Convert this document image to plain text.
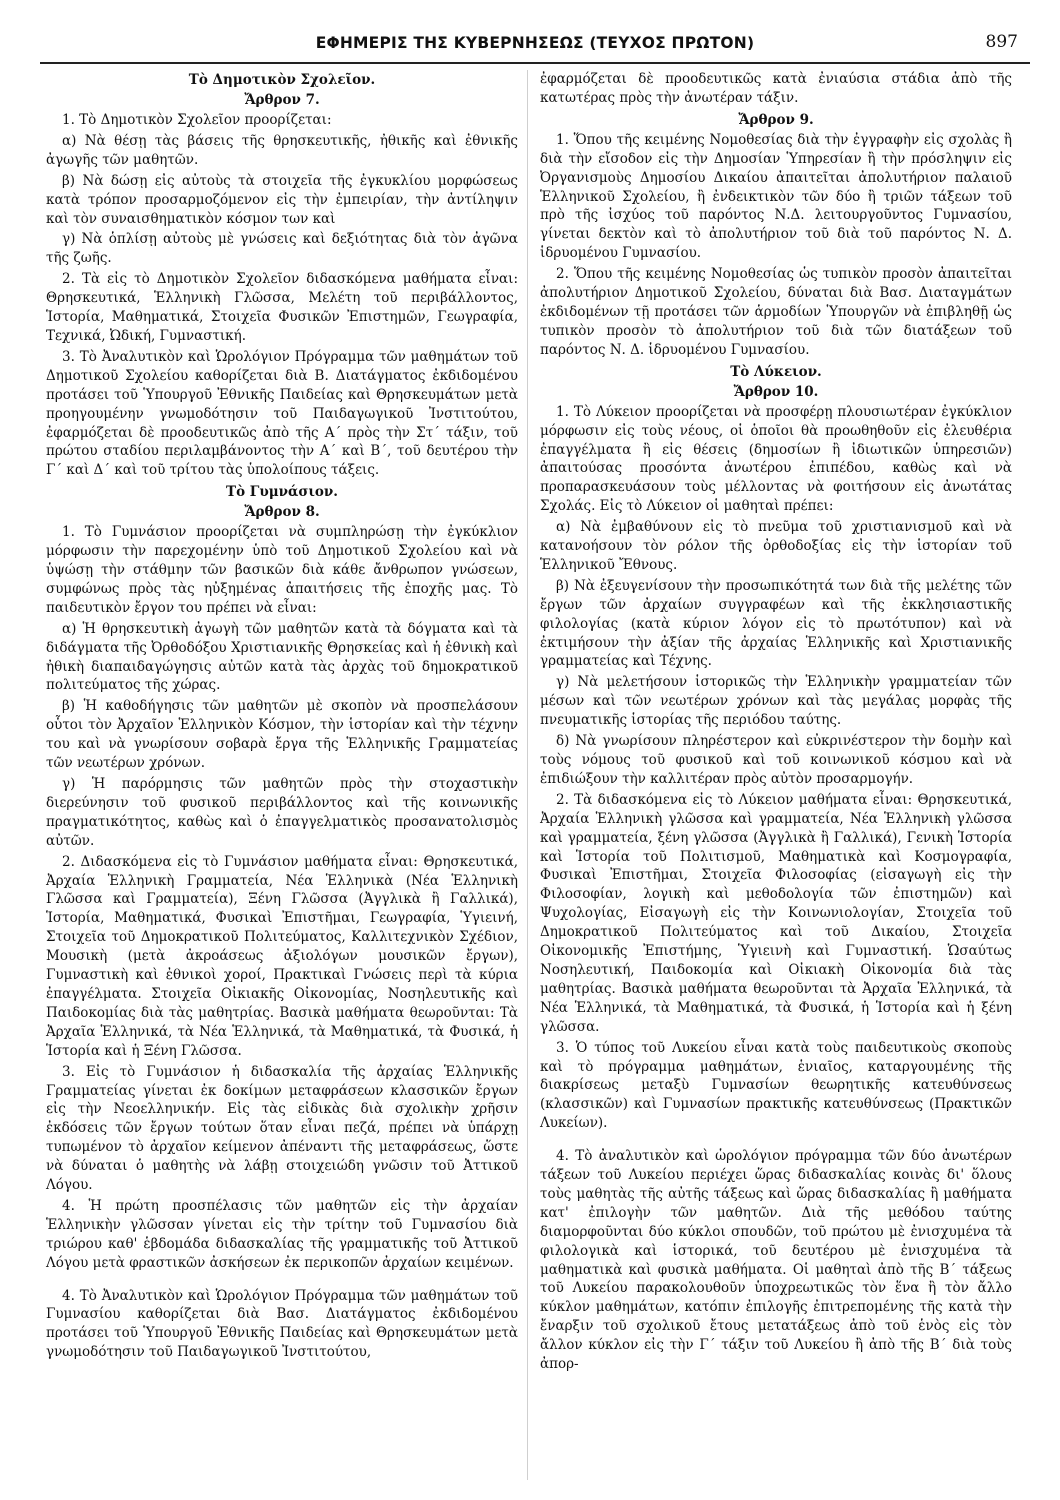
ΕΦΗΜΕΡΙΣ ΤΗΣ ΚΥΒΕΡΝΗΣΕΩΣ (ΤΕΥΧΟΣ ΠΡΩΤΟΝ)	897
Τὸ Δημοτικὸν Σχολεῖον.
Ἄρθρον 7.

1. Τὸ Δημοτικὸν Σχολεῖον προορίζεται:

α) Νὰ θέσῃ τὰς βάσεις τῆς θρησκευτικῆς, ἠθικῆς καὶ ἐθνικῆς ἀγωγῆς τῶν μαθητῶν.

β) Νὰ δώσῃ εἰς αὐτοὺς τὰ στοιχεῖα τῆς ἐγκυκλίου μορφώσεως κατὰ τρόπον προσαρμοζόμενον εἰς τὴν ἐμπειρίαν, τὴν ἀντίληψιν καὶ τὸν συναισθηματικὸν κόσμον των καὶ

γ) Νὰ ὁπλίσῃ αὐτοὺς μὲ γνώσεις καὶ δεξιότητας διὰ τὸν ἀγῶνα τῆς ζωῆς.

2. Τὰ εἰς τὸ Δημοτικὸν Σχολεῖον διδασκόμενα μαθήματα εἶναι: Θρησκευτικά, Ἑλληνικὴ Γλῶσσα, Μελέτη τοῦ περιβάλλοντος, Ἱστορία, Μαθηματικά, Στοιχεῖα Φυσικῶν Ἐπιστημῶν, Γεωγραφία, Τεχνικά, Ὠδική, Γυμναστική.

3. Τὸ Ἀναλυτικὸν καὶ Ὡρολόγιον Πρόγραμμα τῶν μαθημάτων τοῦ Δημοτικοῦ Σχολείου καθορίζεται διὰ Β. Διατάγματος ἐκδιδομένου προτάσει τοῦ Ὑπουργοῦ Ἐθνικῆς Παιδείας καὶ Θρησκευμάτων μετὰ προηγουμένην γνωμοδότησιν τοῦ Παιδαγωγικοῦ Ἰνστιτούτου, ἐφαρμόζεται δὲ προοδευτικῶς ἀπὸ τῆς Α΄ πρὸς τὴν Στ΄ τάξιν, τοῦ πρώτου σταδίου περιλαμβάνοντος τὴν Α΄ καὶ Β΄, τοῦ δευτέρου τὴν Γ΄ καὶ Δ΄ καὶ τοῦ τρίτου τὰς ὑπολοίπους τάξεις.

Τὸ Γυμνάσιον.
Ἄρθρον 8.

1. Τὸ Γυμνάσιον προορίζεται νὰ συμπληρώσῃ τὴν ἐγκύκλιον μόρφωσιν τὴν παρεχομένην ὑπὸ τοῦ Δημοτικοῦ Σχολείου καὶ νὰ ὑψώσῃ τὴν στάθμην τῶν βασικῶν διὰ κάθε ἄνθρωπον γνώσεων, συμφώνως πρὸς τὰς ηὐξημένας ἀπαιτήσεις τῆς ἐποχῆς μας. Τὸ παιδευτικὸν ἔργον του πρέπει νὰ εἶναι:

α) Ἡ θρησκευτικὴ ἀγωγὴ τῶν μαθητῶν κατὰ τὰ δόγματα καὶ τὰ διδάγματα τῆς Ὀρθοδόξου Χριστιανικῆς Θρησκείας καὶ ἡ ἐθνικὴ καὶ ἠθικὴ διαπαιδαγώγησις αὐτῶν κατὰ τὰς ἀρχὰς τοῦ δημοκρατικοῦ πολιτεύματος τῆς χώρας.

β) Ἡ καθοδήγησις τῶν μαθητῶν μὲ σκοπὸν νὰ προσπελάσουν οὗτοι τὸν Ἀρχαῖον Ἑλληνικὸν Κόσμον, τὴν ἱστορίαν καὶ τὴν τέχνην του καὶ νὰ γνωρίσουν σοβαρὰ ἔργα τῆς Ἑλληνικῆς Γραμματείας τῶν νεωτέρων χρόνων.

γ) Ἡ παρόρμησις τῶν μαθητῶν πρὸς τὴν στοχαστικὴν διερεύνησιν τοῦ φυσικοῦ περιβάλλοντος καὶ τῆς κοινωνικῆς πραγματικότητος, καθὼς καὶ ὁ ἐπαγγελματικὸς προσανατολισμὸς αὐτῶν.

2. Διδασκόμενα εἰς τὸ Γυμνάσιον μαθήματα εἶναι: Θρησκευτικά, Ἀρχαία Ἑλληνικὴ Γραμματεία, Νέα Ἑλληνικὰ (Νέα Ἑλληνικὴ Γλῶσσα καὶ Γραμματεία), Ξένη Γλῶσσα (Ἀγγλικὰ ἢ Γαλλικά), Ἱστορία, Μαθηματικά, Φυσικαὶ Ἐπιστῆμαι, Γεωγραφία, Ὑγιεινή, Στοιχεῖα τοῦ Δημοκρατικοῦ Πολιτεύματος, Καλλιτεχνικὸν Σχέδιον, Μουσικὴ (μετὰ ἀκροάσεως ἀξιολόγων μουσικῶν ἔργων), Γυμναστικὴ καὶ ἐθνικοὶ χοροί, Πρακτικαὶ Γνώσεις περὶ τὰ κύρια ἐπαγγέλματα. Στοιχεῖα Οἰκιακῆς Οἰκονομίας, Νοσηλευτικῆς καὶ Παιδοκομίας διὰ τὰς μαθητρίας. Βασικὰ μαθήματα θεωροῦνται: Τὰ Ἀρχαῖα Ἑλληνικά, τὰ Νέα Ἑλληνικά, τὰ Μαθηματικά, τὰ Φυσικά, ἡ Ἱστορία καὶ ἡ Ξένη Γλῶσσα.

3. Εἰς τὸ Γυμνάσιον ἡ διδασκαλία τῆς ἀρχαίας Ἑλληνικῆς Γραμματείας γίνεται ἐκ δοκίμων μεταφράσεων κλασσικῶν ἔργων εἰς τὴν Νεοελληνικήν. Εἰς τὰς εἰδικὰς διὰ σχολικὴν χρῆσιν ἐκδόσεις τῶν ἔργων τούτων ὅταν εἶναι πεζά, πρέπει νὰ ὑπάρχῃ τυπωμένον τὸ ἀρχαῖον κείμενον ἀπέναντι τῆς μεταφράσεως, ὥστε νὰ δύναται ὁ μαθητὴς νὰ λάβῃ στοιχειώδη γνῶσιν τοῦ Ἀττικοῦ Λόγου.

4. Ἡ πρώτη προσπέλασις τῶν μαθητῶν εἰς τὴν ἀρχαίαν Ἑλληνικὴν γλῶσσαν γίνεται εἰς τὴν τρίτην τοῦ Γυμνασίου διὰ τριώρου καθ' ἑβδομάδα διδασκαλίας τῆς γραμματικῆς τοῦ Ἀττικοῦ Λόγου μετὰ φραστικῶν ἀσκήσεων ἐκ περικοπῶν ἀρχαίων κειμένων.

4. Τὸ Ἀναλυτικὸν καὶ Ὡρολόγιον Πρόγραμμα τῶν μαθημάτων τοῦ Γυμνασίου καθορίζεται διὰ Βασ. Διατάγματος ἐκδιδομένου προτάσει τοῦ Ὑπουργοῦ Ἐθνικῆς Παιδείας καὶ Θρησκευμάτων μετὰ γνωμοδότησιν τοῦ Παιδαγωγικοῦ Ἰνστιτούτου,

ἐφαρμόζεται δὲ προοδευτικῶς κατὰ ἐνιαύσια στάδια ἀπὸ τῆς κατωτέρας πρὸς τὴν ἀνωτέραν τάξιν.

Ἄρθρον 9.

1. Ὅπου τῆς κειμένης Νομοθεσίας διὰ τὴν ἐγγραφὴν εἰς σχολὰς ἢ διὰ τὴν εἴσοδον εἰς τὴν Δημοσίαν Ὑπηρεσίαν ἢ τὴν πρόσληψιν εἰς Ὀργανισμοὺς Δημοσίου Δικαίου ἀπαιτεῖται ἀπολυτήριον παλαιοῦ Ἑλληνικοῦ Σχολείου, ἢ ἐνδεικτικὸν τῶν δύο ἢ τριῶν τάξεων τοῦ πρὸ τῆς ἰσχύος τοῦ παρόντος Ν.Δ. λειτουργοῦντος Γυμνασίου, γίνεται δεκτὸν καὶ τὸ ἀπολυτήριον τοῦ διὰ τοῦ παρόντος Ν. Δ. ἱδρυομένου Γυμνασίου.

2. Ὅπου τῆς κειμένης Νομοθεσίας ὡς τυπικὸν προσὸν ἀπαιτεῖται ἀπολυτήριον Δημοτικοῦ Σχολείου, δύναται διὰ Βασ. Διαταγμάτων ἐκδιδομένων τῇ προτάσει τῶν ἁρμοδίων Ὑπουργῶν νὰ ἐπιβληθῇ ὡς τυπικὸν προσὸν τὸ ἀπολυτήριον τοῦ διὰ τῶν διατάξεων τοῦ παρόντος Ν. Δ. ἱδρυομένου Γυμνασίου.

Τὸ Λύκειον.
Ἄρθρον 10.

1. Τὸ Λύκειον προορίζεται νὰ προσφέρῃ πλουσιωτέραν ἐγκύκλιον μόρφωσιν εἰς τοὺς νέους, οἱ ὁποῖοι θὰ προωθηθοῦν εἰς ἐλευθέρια ἐπαγγέλματα ἢ εἰς θέσεις (δημοσίων ἢ ἰδιωτικῶν ὑπηρεσιῶν) ἀπαιτούσας προσόντα ἀνωτέρου ἐπιπέδου, καθὼς καὶ νὰ προπαρασκευάσουν τοὺς μέλλοντας νὰ φοιτήσουν εἰς ἀνωτάτας Σχολάς. Εἰς τὸ Λύκειον οἱ μαθηταὶ πρέπει:

α) Νὰ ἐμβαθύνουν εἰς τὸ πνεῦμα τοῦ χριστιανισμοῦ καὶ νὰ κατανοήσουν τὸν ρόλον τῆς ὀρθοδοξίας εἰς τὴν ἱστορίαν τοῦ Ἑλληνικοῦ Ἔθνους.

β) Νὰ ἐξευγενίσουν τὴν προσωπικότητά των διὰ τῆς μελέτης τῶν ἔργων τῶν ἀρχαίων συγγραφέων καὶ τῆς ἐκκλησιαστικῆς φιλολογίας (κατὰ κύριον λόγον εἰς τὸ πρωτότυπον) καὶ νὰ ἐκτιμήσουν τὴν ἀξίαν τῆς ἀρχαίας Ἑλληνικῆς καὶ Χριστιανικῆς γραμματείας καὶ Τέχνης.

γ) Νὰ μελετήσουν ἱστορικῶς τὴν Ἑλληνικὴν γραμματείαν τῶν μέσων καὶ τῶν νεωτέρων χρόνων καὶ τὰς μεγάλας μορφὰς τῆς πνευματικῆς ἱστορίας τῆς περιόδου ταύτης.

δ) Νὰ γνωρίσουν πληρέστερον καὶ εὐκρινέστερον τὴν δομὴν καὶ τοὺς νόμους τοῦ φυσικοῦ καὶ τοῦ κοινωνικοῦ κόσμου καὶ νὰ ἐπιδιώξουν τὴν καλλιτέραν πρὸς αὐτὸν προσαρμογήν.

2. Τὰ διδασκόμενα εἰς τὸ Λύκειον μαθήματα εἶναι: Θρησκευτικά, Ἀρχαία Ἑλληνικὴ γλῶσσα καὶ γραμματεία, Νέα Ἑλληνικὴ γλῶσσα καὶ γραμματεία, ξένη γλῶσσα (Ἀγγλικὰ ἢ Γαλλικά), Γενικὴ Ἱστορία καὶ Ἱστορία τοῦ Πολιτισμοῦ, Μαθηματικὰ καὶ Κοσμογραφία, Φυσικαὶ Ἐπιστῆμαι, Στοιχεῖα Φιλοσοφίας (εἰσαγωγὴ εἰς τὴν Φιλοσοφίαν, λογικὴ καὶ μεθοδολογία τῶν ἐπιστημῶν) καὶ Ψυχολογίας, Εἰσαγωγὴ εἰς τὴν Κοινωνιολογίαν, Στοιχεῖα τοῦ Δημοκρατικοῦ Πολιτεύματος καὶ τοῦ Δικαίου, Στοιχεῖα Οἰκονομικῆς Ἐπιστήμης, Ὑγιεινὴ καὶ Γυμναστική. Ὡσαύτως Νοσηλευτική, Παιδοκομία καὶ Οἰκιακὴ Οἰκονομία διὰ τὰς μαθητρίας. Βασικὰ μαθήματα θεωροῦνται τὰ Ἀρχαῖα Ἑλληνικά, τὰ Νέα Ἑλληνικά, τὰ Μαθηματικά, τὰ Φυσικά, ἡ Ἱστορία καὶ ἡ ξένη γλῶσσα.

3. Ὁ τύπος τοῦ Λυκείου εἶναι κατὰ τοὺς παιδευτικοὺς σκοποὺς καὶ τὸ πρόγραμμα μαθημάτων, ἑνιαῖος, καταργουμένης τῆς διακρίσεως μεταξὺ Γυμνασίων θεωρητικῆς κατευθύνσεως (κλασσικῶν) καὶ Γυμνασίων πρακτικῆς κατευθύνσεως (Πρακτικῶν Λυκείων).

4. Τὸ ἀναλυτικὸν καὶ ὡρολόγιον πρόγραμμα τῶν δύο ἀνωτέρων τάξεων τοῦ Λυκείου περιέχει ὥρας διδασκαλίας κοινὰς δι' ὅλους τοὺς μαθητὰς τῆς αὐτῆς τάξεως καὶ ὥρας διδασκαλίας ἢ μαθήματα κατ' ἐπιλογὴν τῶν μαθητῶν. Διὰ τῆς μεθόδου ταύτης διαμορφοῦνται δύο κύκλοι σπουδῶν, τοῦ πρώτου μὲ ἐνισχυμένα τὰ φιλολογικὰ καὶ ἱστορικά, τοῦ δευτέρου μὲ ἐνισχυμένα τὰ μαθηματικὰ καὶ φυσικὰ μαθήματα. Οἱ μαθηταὶ ἀπὸ τῆς Β΄ τάξεως τοῦ Λυκείου παρακολουθοῦν ὑποχρεωτικῶς τὸν ἕνα ἢ τὸν ἄλλο κύκλον μαθημάτων, κατόπιν ἐπιλογῆς ἐπιτρεπομένης τῆς κατὰ τὴν ἔναρξιν τοῦ σχολικοῦ ἔτους μετατάξεως ἀπὸ τοῦ ἑνὸς εἰς τὸν ἄλλον κύκλον εἰς τὴν Γ΄ τάξιν τοῦ Λυκείου ἢ ἀπὸ τῆς Β΄ διὰ τοὺς ἀπορ-
